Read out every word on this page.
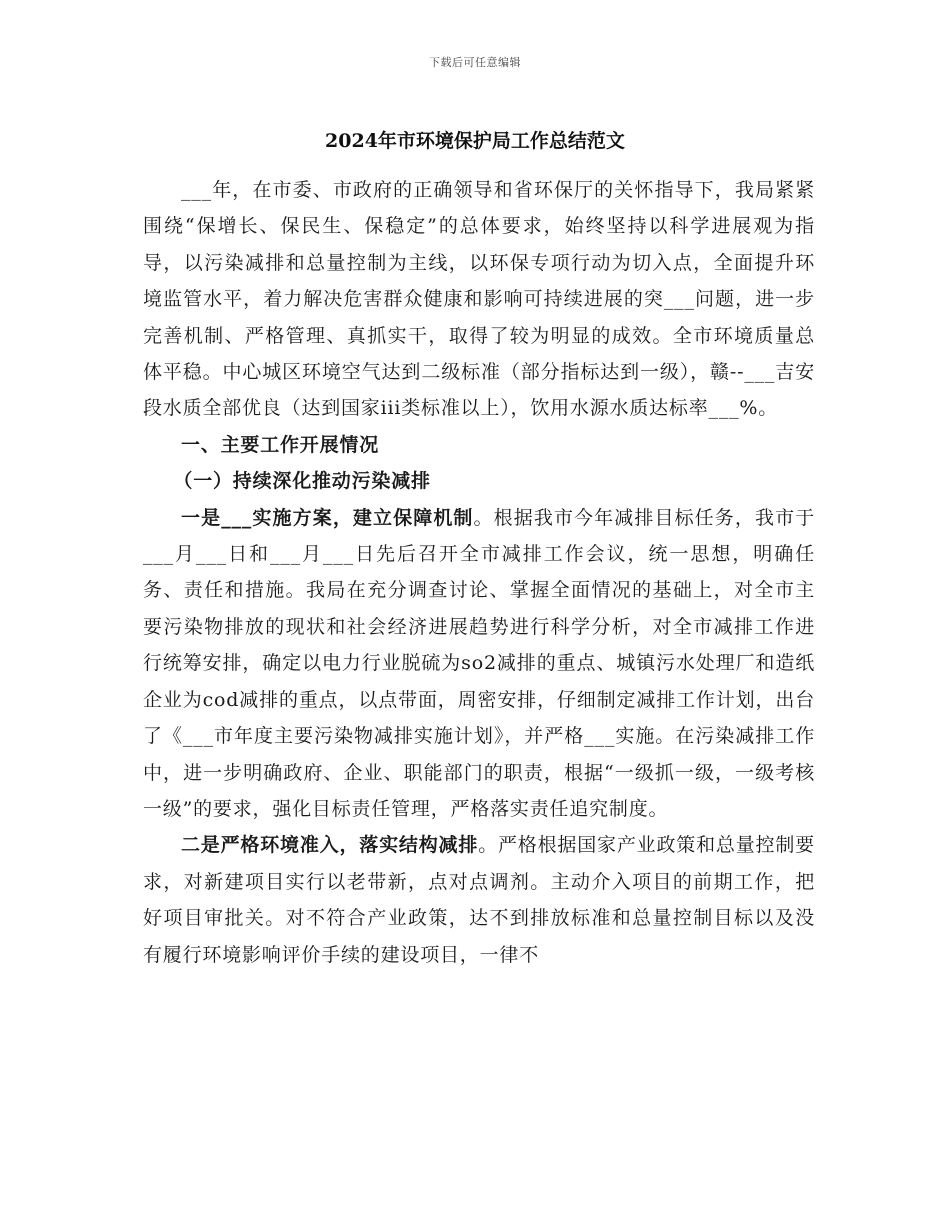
下载后可任意编辑
2024年市环境保护局工作总结范文

___年，在市委、市政府的正确领导和省环保厅的关怀指导下，我局紧紧围绕“保增长、保民生、保稳定”的总体要求，始终坚持以科学进展观为指导，以污染减排和总量控制为主线，以环保专项行动为切入点，全面提升环境监管水平，着力解决危害群众健康和影响可持续进展的突___问题，进一步完善机制、严格管理、真抓实干，取得了较为明显的成效。全市环境质量总体平稳。中心城区环境空气达到二级标准（部分指标达到一级），赣--___吉安段水质全部优良（达到国家iii类标准以上），饮用水源水质达标率___%。

一、主要工作开展情况

（一）持续深化推动污染减排

一是___实施方案，建立保障机制。根据我市今年减排目标任务，我市于___月___日和___月___日先后召开全市减排工作会议，统一思想，明确任务、责任和措施。我局在充分调查讨论、掌握全面情况的基础上，对全市主要污染物排放的现状和社会经济进展趋势进行科学分析，对全市减排工作进行统筹安排，确定以电力行业脱硫为so2减排的重点、城镇污水处理厂和造纸企业为cod减排的重点，以点带面，周密安排，仔细制定减排工作计划，出台了《___市年度主要污染物减排实施计划》，并严格___实施。在污染减排工作中，进一步明确政府、企业、职能部门的职责，根据“一级抓一级，一级考核一级”的要求，强化目标责任管理，严格落实责任追究制度。

二是严格环境准入，落实结构减排。严格根据国家产业政策和总量控制要求，对新建项目实行以老带新，点对点调剂。主动介入项目的前期工作，把好项目审批关。对不符合产业政策，达不到排放标准和总量控制目标以及没有履行环境影响评价手续的建设项目，一律不
